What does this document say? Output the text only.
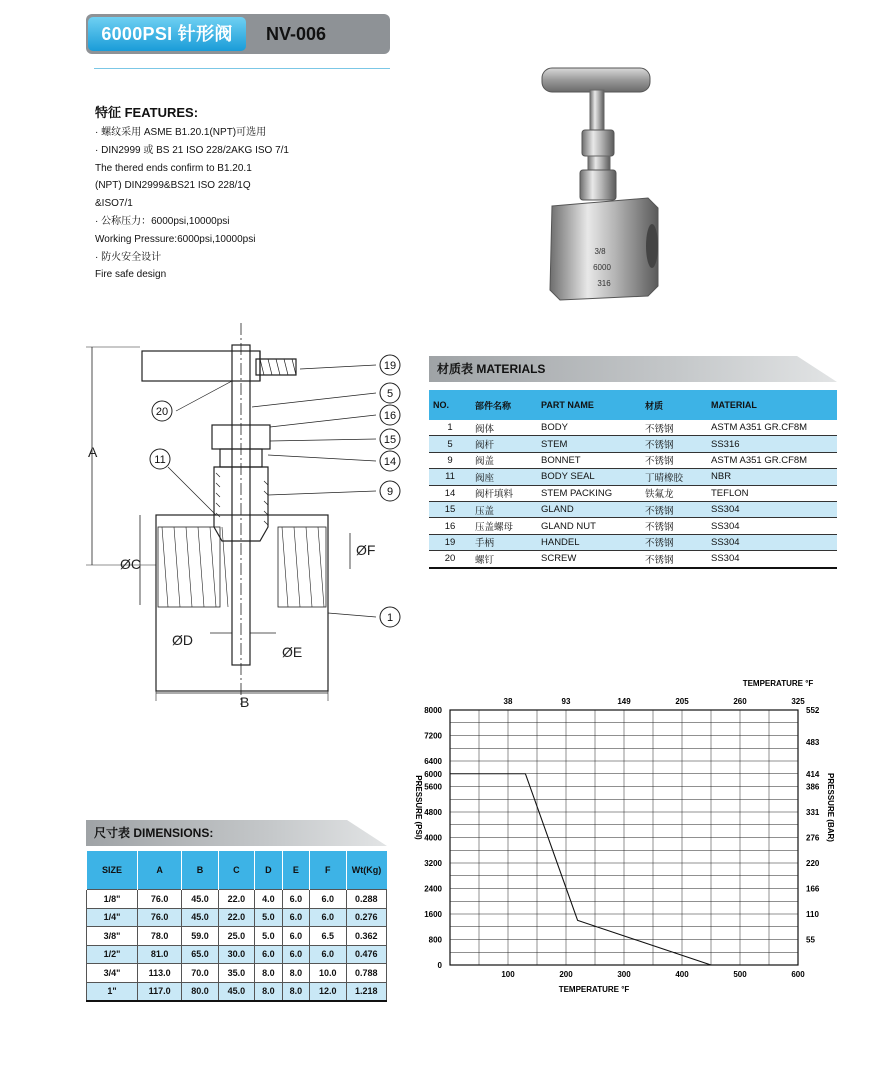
6000PSI 针形阀	NV-006
特征 FEATURES:
· 螺纹采用 ASME B1.20.1(NPT)可选用
· DIN2999 或 BS 21 ISO 228/2AKG ISO 7/1
The thered ends confirm to B1.20.1
(NPT) DIN2999&BS21 ISO 228/1Q
&ISO7/1
· 公称压力：6000psi,10000psi
Working Pressure:6000psi,10000psi
· 防火安全设计
Fire safe design
3/8
6000
316
19
5
16
15
14
9
20
11
1
A
B
ØC
ØD
ØE
ØF
材质表 MATERIALS
NO.	部件名称	PART NAME	材质	MATERIAL
1	阀体	BODY	不锈钢	ASTM A351 GR.CF8M
5	阀杆	STEM	不锈钢	SS316
9	阀盖	BONNET	不锈钢	ASTM A351 GR.CF8M
11	阀座	BODY SEAL	丁晴橡胶	NBR
14	阀杆填料	STEM PACKING	铁氟龙	TEFLON
15	压盖	GLAND	不锈钢	SS304
16	压盖螺母	GLAND NUT	不锈钢	SS304
19	手柄	HANDEL	不锈钢	SS304
20	螺钉	SCREW	不锈钢	SS304
尺寸表 DIMENSIONS:
SIZE	A	B	C	D	E	F	Wt(Kg)
1/8"	76.0	45.0	22.0	4.0	6.0	6.0	0.288
1/4"	76.0	45.0	22.0	5.0	6.0	6.0	0.276
3/8"	78.0	59.0	25.0	5.0	6.0	6.5	0.362
1/2"	81.0	65.0	30.0	6.0	6.0	6.0	0.476
3/4"	113.0	70.0	35.0	8.0	8.0	10.0	0.788
1"	117.0	80.0	45.0	8.0	8.0	12.0	1.218
0
800
1600
2400
3200
4000
4800
5600
6000
6400
7200
8000
55
110
166
220
276
331
386
414
483
552
100	200	300	400	500	600
38	93	149	205	260	325
TEMPERATURE °F
TEMPERATURE °F
PRESSURE (PSI)	PRESSURE (BAR)
